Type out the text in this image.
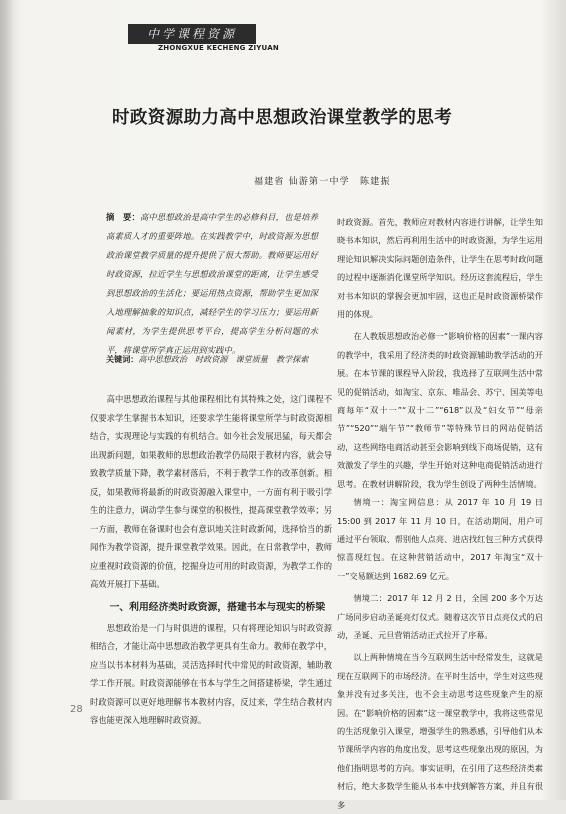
中学课程资源
ZHONGXUE KECHENG ZIYUAN
时政资源助力高中思想政治课堂教学的思考
福建省 仙游第一中学　陈建振
摘　要：高中思想政治是高中学生的必修科目，也是培养高素质人才的重要阵地。在实践教学中，时政资源为思想政治课堂教学质量的提升提供了很大帮助。教师要运用好时政资源，拉近学生与思想政治课堂的距离，让学生感受到思想政治的生活化；要运用热点资源，帮助学生更加深入地理解抽象的知识点，减轻学生的学习压力；要运用新闻素材，为学生提供思考平台，提高学生分析问题的水平，将课堂所学真正运用到实践中。
关键词：高中思想政治　时政资源　课堂质量　教学探索

高中思想政治课程与其他课程相比有其特殊之处，这门课程不仅要求学生掌握书本知识，还要求学生能将课堂所学与时政资源相结合，实现理论与实践的有机结合。如今社会发展迅猛，每天都会出现新问题，如果教师的思想政治教学仍局限于教材内容，就会导致教学质量下降，教学素材落后，不利于教学工作的改革创新。相反，如果教师将最新的时政资源融入课堂中，一方面有利于吸引学生的注意力，调动学生参与课堂的积极性，提高课堂教学效率；另一方面，教师在备课时也会有意识地关注时政新闻，选择恰当的新闻作为教学资源，提升课堂教学效果。因此，在日常教学中，教师应重视时政资源的价值，挖掘身边可用的时政资源，为教学工作的高效开展打下基础。

一、利用经济类时政资源，搭建书本与现实的桥梁

思想政治是一门与时俱进的课程，只有将理论知识与时政资源相结合，才能让高中思想政治教学更具有生命力。教师在教学中，应当以书本材料为基础，灵活选择时代中常见的时政资源，辅助教学工作开展。时政资源能够在书本与学生之间搭建桥梁，学生通过时政资源可以更好地理解书本教材内容，反过来，学生结合教材内容也能更深入地理解时政资源。

时政资源。首先，教师应对教材内容进行讲解，让学生知晓书本知识，然后再利用生活中的时政资源，为学生运用理论知识解决实际问题创造条件，让学生在思考时政问题的过程中逐渐消化课堂所学知识。经历这套流程后，学生对书本知识的掌握会更加牢固，这也正是时政资源桥梁作用的体现。

在人教版思想政治必修一“影响价格的因素”一课内容的教学中，我采用了经济类的时政资源辅助教学活动的开展。在本节课的课程导入阶段，我选择了互联网生活中常见的促销活动，如淘宝、京东、唯品会、苏宁、国美等电商每年“双十一”“双十二”“618”以及“妇女节”“母亲节”“520”“端午节”“教师节”等特殊节日的网站促销活动，这些网络电商活动甚至会影响到线下商场促销，这有效激发了学生的兴趣，学生开始对这种电商促销活动进行思考。在教材讲解阶段，我为学生创设了两种生活情境。

情境一：淘宝网信息：从 2017 年 10 月 19 日 15:00 到 2017 年 11 月 10 日，在活动期间，用户可通过平台领取、帮别他人点亮、进店找红包三种方式获得惊喜现红包。在这种营销活动中，2017 年淘宝“双十一”交易额达到 1682.69 亿元。

情境二：2017 年 12 月 2 日，全国 200 多个万达广场同步启动圣诞亮灯仪式。随着这次节日点亮仪式的启动，圣诞、元旦营销活动正式拉开了序幕。

以上两种情境在当今互联网生活中经常发生，这就是现在互联网下的市场经济。在平时生活中，学生对这些现象并没有过多关注，也不会主动思考这些现象产生的原因。在“影响价格的因素”这一课堂教学中，我将这些常见的生活现象引入课堂，增强学生的熟悉感，引导他们从本节课所学内容的角度出发，思考这些现象出现的原因，为他们指明思考的方向。事实证明，在引用了这些经济类素材后，绝大多数学生能从书本中找到解答方案，并且有很多

28
